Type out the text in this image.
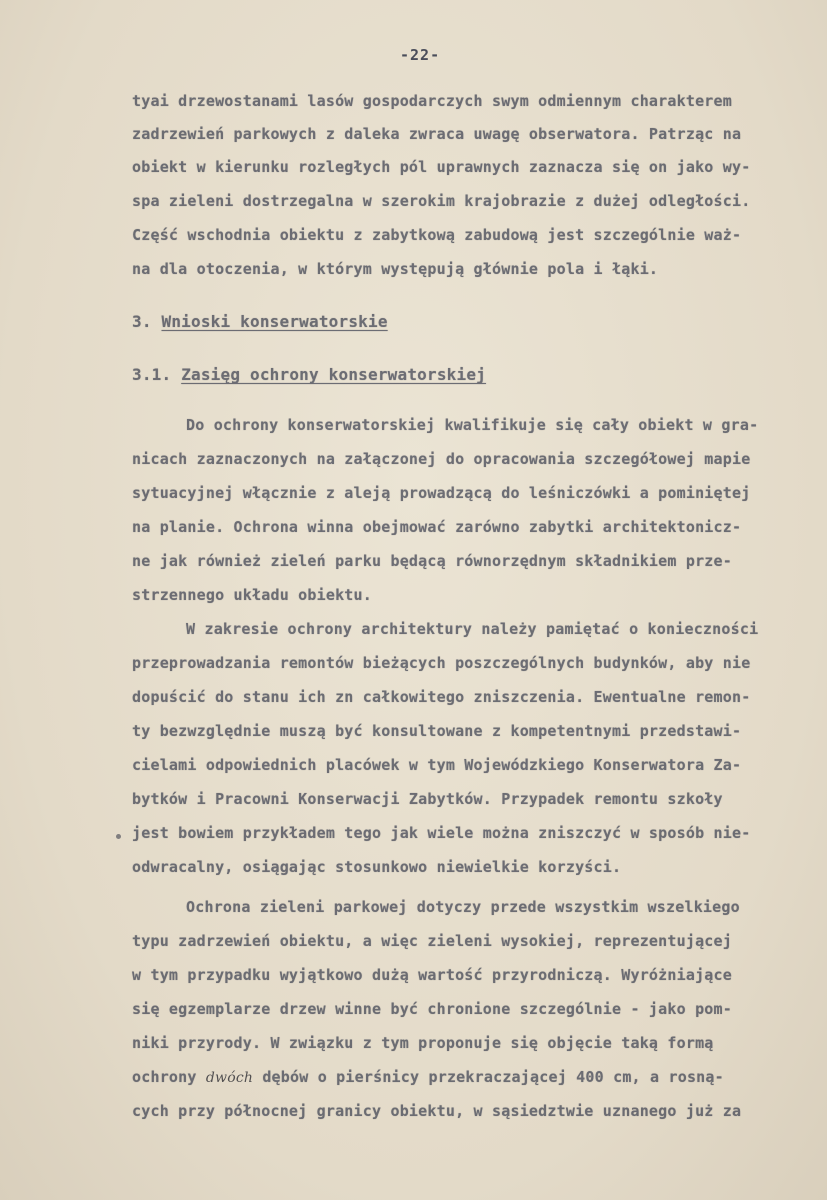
-22-
tyai drzewostanami lasów gospodarczych swym odmiennym charakterem
zadrzewień parkowych z daleka zwraca uwagę obserwatora. Patrząc na
obiekt w kierunku rozległych pól uprawnych zaznacza się on jako wy-
spa zieleni dostrzegalna w szerokim krajobrazie z dużej odległości.
Część wschodnia obiektu z zabytkową zabudową jest szczególnie waż-
na dla otoczenia, w którym występują głównie pola i łąki.
3. Wnioski konserwatorskie
3.1. Zasięg ochrony konserwatorskiej
Do ochrony konserwatorskiej kwalifikuje się cały obiekt w gra-
nicach zaznaczonych na załączonej do opracowania szczegółowej mapie
sytuacyjnej włącznie z aleją prowadzącą do leśniczówki a pominiętej
na planie. Ochrona winna obejmować zarówno zabytki architektonicz-
ne jak również zieleń parku będącą równorzędnym składnikiem prze-
strzennego układu obiektu.
W zakresie ochrony architektury należy pamiętać o konieczności
przeprowadzania remontów bieżących poszczególnych budynków, aby nie
dopuścić do stanu ich zn całkowitego zniszczenia. Ewentualne remon-
ty bezwzględnie muszą być konsultowane z kompetentnymi przedstawi-
cielami odpowiednich placówek w tym Wojewódzkiego Konserwatora Za-
bytków i Pracowni Konserwacji Zabytków. Przypadek remontu szkoły
jest bowiem przykładem tego jak wiele można zniszczyć w sposób nie-
odwracalny, osiągając stosunkowo niewielkie korzyści.
Ochrona zieleni parkowej dotyczy przede wszystkim wszelkiego
typu zadrzewień obiektu, a więc zieleni wysokiej, reprezentującej
w tym przypadku wyjątkowo dużą wartość przyrodniczą. Wyróżniające
się egzemplarze drzew winne być chronione szczególnie - jako pom-
niki przyrody. W związku z tym proponuje się objęcie taką formą
ochrony dwóch dębów o pierśnicy przekraczającej 400 cm, a rosną-
cych przy północnej granicy obiektu, w sąsiedztwie uznanego już za
